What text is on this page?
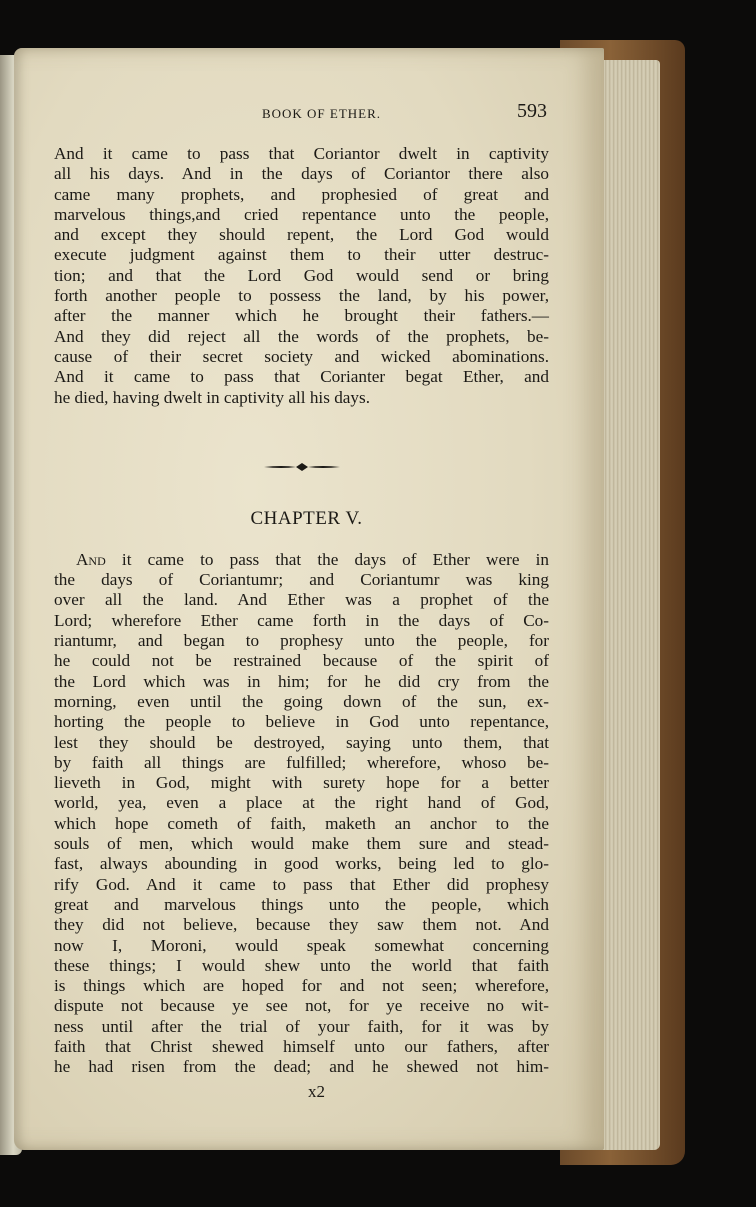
BOOK OF ETHER.	593

And it came to pass that Coriantor dwelt in captivity
all his days. And in the days of Coriantor there also
came many prophets, and prophesied of great and
marvelous things,and cried repentance unto the people,
and except they should repent, the Lord God would
execute judgment against them to their utter destruc-
tion; and that the Lord God would send or bring
forth another people to possess the land, by his power,
after the manner which he brought their fathers.—
And they did reject all the words of the prophets, be-
cause of their secret society and wicked abominations.
And it came to pass that Corianter begat Ether, and
he died, having dwelt in captivity all his days.

CHAPTER V.

And it came to pass that the days of Ether were in
the days of Coriantumr; and Coriantumr was king
over all the land. And Ether was a prophet of the
Lord; wherefore Ether came forth in the days of Co-
riantumr, and began to prophesy unto the people, for
he could not be restrained because of the spirit of
the Lord which was in him; for he did cry from the
morning, even until the going down of the sun, ex-
horting the people to believe in God unto repentance,
lest they should be destroyed, saying unto them, that
by faith all things are fulfilled; wherefore, whoso be-
lieveth in God, might with surety hope for a better
world, yea, even a place at the right hand of God,
which hope cometh of faith, maketh an anchor to the
souls of men, which would make them sure and stead-
fast, always abounding in good works, being led to glo-
rify God. And it came to pass that Ether did prophesy
great and marvelous things unto the people, which
they did not believe, because they saw them not. And
now I, Moroni, would speak somewhat concerning
these things; I would shew unto the world that faith
is things which are hoped for and not seen; wherefore,
dispute not because ye see not, for ye receive no wit-
ness until after the trial of your faith, for it was by
faith that Christ shewed himself unto our fathers, after
he had risen from the dead; and he shewed not him-

x2
